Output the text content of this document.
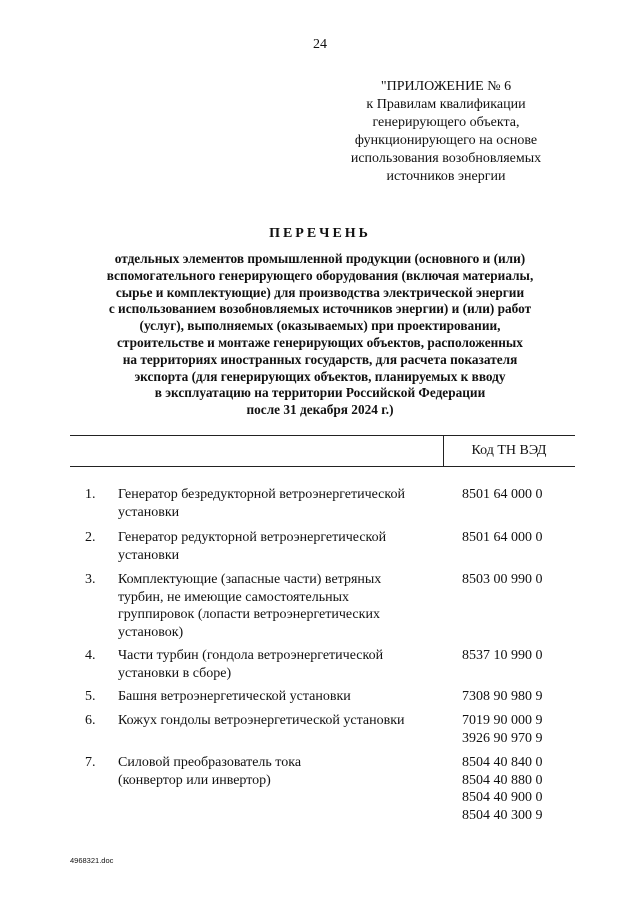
24
"ПРИЛОЖЕНИЕ № 6
к Правилам квалификации
генерирующего объекта,
функционирующего на основе
использования возобновляемых
источников энергии
ПЕРЕЧЕНЬ
отдельных элементов промышленной продукции (основного и (или)
вспомогательного генерирующего оборудования (включая материалы,
сырье и комплектующие) для производства электрической энергии
с использованием возобновляемых источников энергии) и (или) работ
(услуг), выполняемых (оказываемых) при проектировании,
строительстве и монтаже генерирующих объектов, расположенных
на территориях иностранных государств, для расчета показателя
экспорта (для генерирующих объектов, планируемых к вводу
в эксплуатацию на территории Российской Федерации
после 31 декабря 2024 г.)
Код ТН ВЭД
1. Генератор безредукторной ветроэнергетической
установки
8501 64 000 0
2. Генератор редукторной ветроэнергетической
установки
8501 64 000 0
3. Комплектующие (запасные части) ветряных
турбин, не имеющие самостоятельных
группировок (лопасти ветроэнергетических
установок)
8503 00 990 0
4. Части турбин (гондола ветроэнергетической
установки в сборе)
8537 10 990 0
5. Башня ветроэнергетической установки	7308 90 980 9
6. Кожух гондолы ветроэнергетической установки	7019 90 000 9
3926 90 970 9
7. Силовой преобразователь тока
(конвертор или инвертор)
8504 40 840 0
8504 40 880 0
8504 40 900 0
8504 40 300 9
4968321.doc
